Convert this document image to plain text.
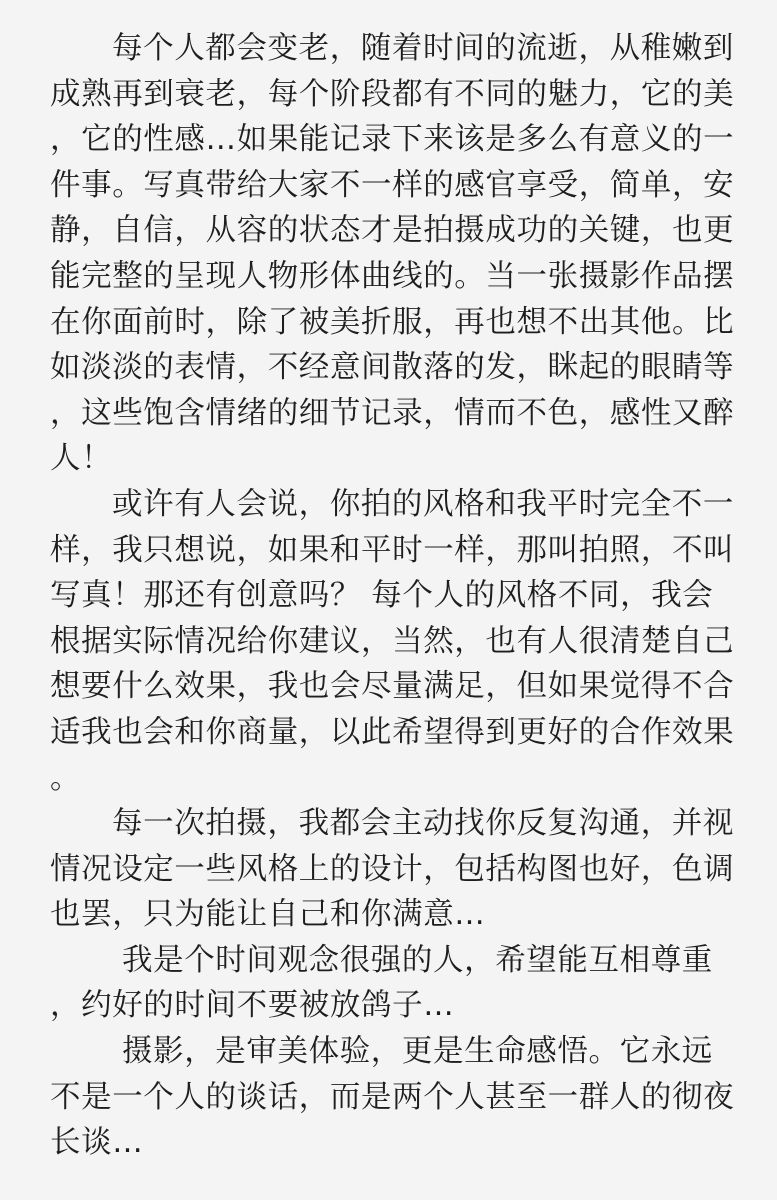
每个人都会变老，随着时间的流逝，从稚嫩到成熟再到衰老，每个阶段都有不同的魅力，它的美，它的性感…如果能记录下来该是多么有意义的一件事。写真带给大家不一样的感官享受，简单，安静，自信，从容的状态才是拍摄成功的关键，也更能完整的呈现人物形体曲线的。当一张摄影作品摆在你面前时，除了被美折服，再也想不出其他。比如淡淡的表情，不经意间散落的发，眯起的眼睛等，这些饱含情绪的细节记录，情而不色，感性又醉人！

或许有人会说，你拍的风格和我平时完全不一样，我只想说，如果和平时一样，那叫拍照，不叫写真！那还有创意吗？ 每个人的风格不同，我会根据实际情况给你建议，当然，也有人很清楚自己想要什么效果，我也会尽量满足，但如果觉得不合适我也会和你商量，以此希望得到更好的合作效果。

每一次拍摄，我都会主动找你反复沟通，并视情况设定一些风格上的设计，包括构图也好，色调也罢，只为能让自己和你满意…

我是个时间观念很强的人，希望能互相尊重，约好的时间不要被放鸽子…

摄影，是审美体验，更是生命感悟。它永远不是一个人的谈话，而是两个人甚至一群人的彻夜长谈…
